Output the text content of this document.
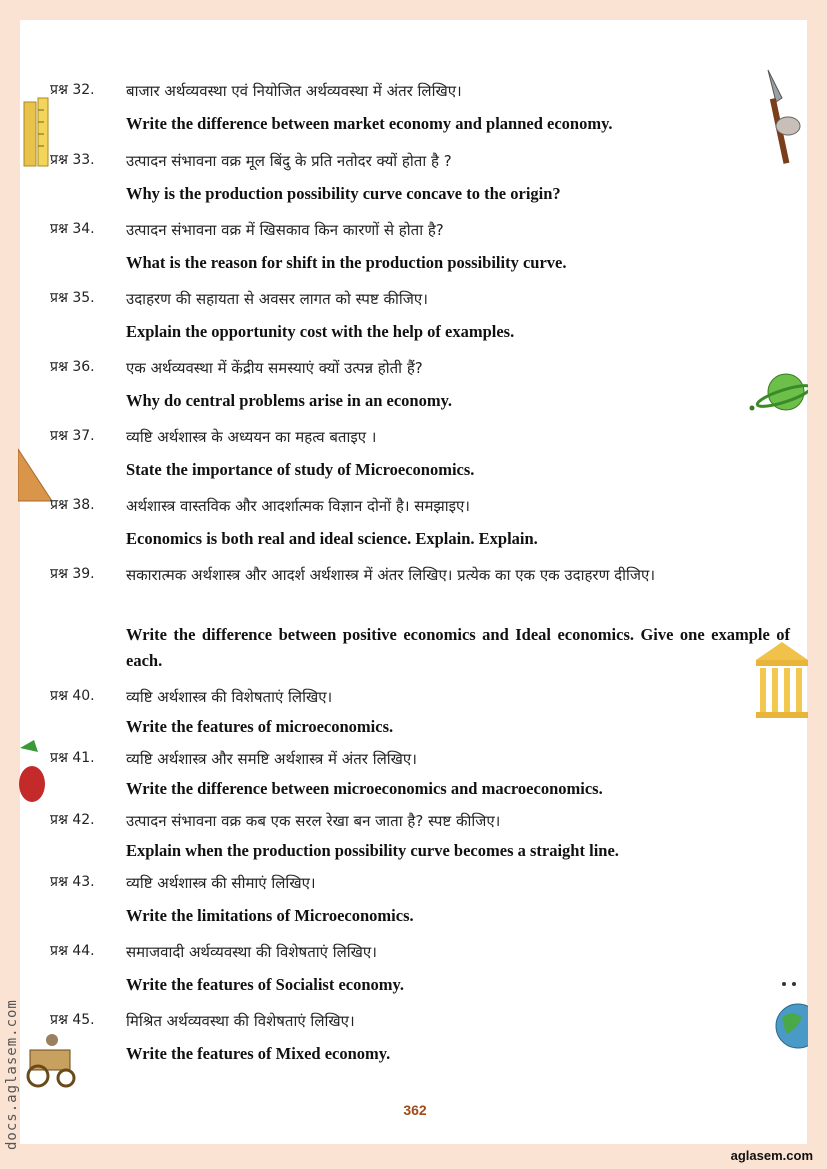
प्रश्न 32. बाजार अर्थव्यवस्था एवं नियोजित अर्थव्यवस्था में अंतर लिखिए।
Write the difference between market economy and planned economy.
प्रश्न 33. उत्पादन संभावना वक्र मूल बिंदु के प्रति नतोदर क्यों होता है ?
Why is the production possibility curve concave to the origin?
प्रश्न 34. उत्पादन संभावना वक्र में खिसकाव किन कारणों से होता है?
What is the reason for shift in the production possibility curve.
प्रश्न 35. उदाहरण की सहायता से अवसर लागत को स्पष्ट कीजिए।
Explain the opportunity cost with the help of examples.
प्रश्न 36. एक अर्थव्यवस्था में केंद्रीय समस्याएं क्यों उत्पन्न होती हैं?
Why do central problems arise in an economy.
प्रश्न 37. व्यष्टि अर्थशास्त्र के अध्ययन का महत्व बताइए ।
State the importance of study of Microeconomics.
प्रश्न 38. अर्थशास्त्र वास्तविक और आदर्शात्मक विज्ञान दोनों है। समझाइए।
Economics is both real and ideal science. Explain. Explain.
प्रश्न 39. सकारात्मक अर्थशास्त्र और आदर्श अर्थशास्त्र में अंतर लिखिए। प्रत्येक का एक एक उदाहरण दीजिए।
Write the difference between positive economics and Ideal economics. Give one example of each.
प्रश्न 40. व्यष्टि अर्थशास्त्र की विशेषताएं लिखिए।
Write the features of microeconomics.
प्रश्न 41. व्यष्टि अर्थशास्त्र और समष्टि अर्थशास्त्र में अंतर लिखिए।
Write the difference between microeconomics and macroeconomics.
प्रश्न 42. उत्पादन संभावना वक्र कब एक सरल रेखा बन जाता है? स्पष्ट कीजिए।
Explain when the production possibility curve becomes a straight line.
प्रश्न 43. व्यष्टि अर्थशास्त्र की सीमाएं लिखिए।
Write the limitations of Microeconomics.
प्रश्न 44. समाजवादी अर्थव्यवस्था की विशेषताएं लिखिए।
Write the features of Socialist economy.
प्रश्न 45. मिश्रित अर्थव्यवस्था की विशेषताएं लिखिए।
Write the features of Mixed economy.
362
docs.aglasem.com
aglasem.com
